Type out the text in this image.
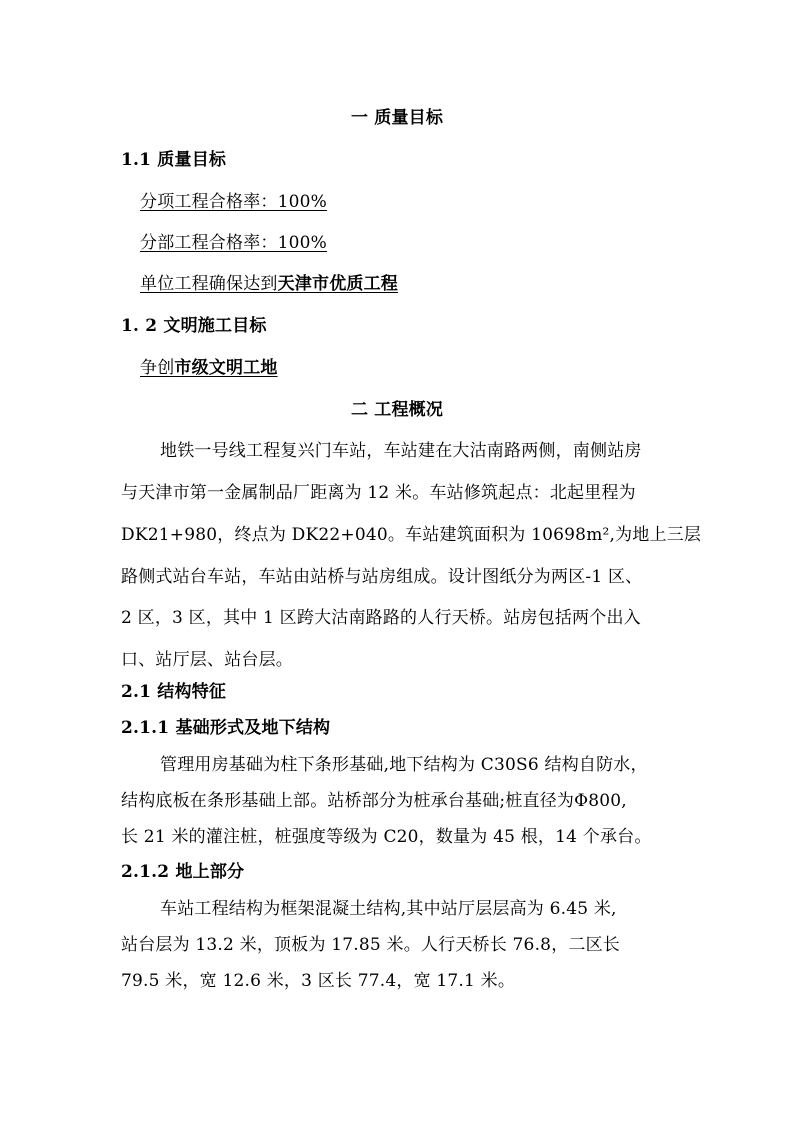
一 质量目标
1.1 质量目标
分项工程合格率：100%
分部工程合格率：100%
单位工程确保达到天津市优质工程
1. 2 文明施工目标
争创市级文明工地
二 工程概况
地铁一号线工程复兴门车站，车站建在大沽南路两侧，南侧站房
与天津市第一金属制品厂距离为 12 米。车站修筑起点：北起里程为
DK21+980，终点为 DK22+040。车站建筑面积为 10698m²,为地上三层
路侧式站台车站，车站由站桥与站房组成。设计图纸分为两区-1 区、
2 区，3 区，其中 1 区跨大沽南路路的人行天桥。站房包括两个出入
口、站厅层、站台层。
2.1 结构特征
2.1.1 基础形式及地下结构
管理用房基础为柱下条形基础,地下结构为 C30S6 结构自防水，
结构底板在条形基础上部。站桥部分为桩承台基础;桩直径为Φ800,
长 21 米的灌注桩，桩强度等级为 C20，数量为 45 根，14 个承台。
2.1.2 地上部分
车站工程结构为框架混凝土结构,其中站厅层层高为 6.45 米,
站台层为 13.2 米，顶板为 17.85 米。人行天桥长 76.8，二区长
79.5 米，宽 12.6 米，3 区长 77.4，宽 17.1 米。
